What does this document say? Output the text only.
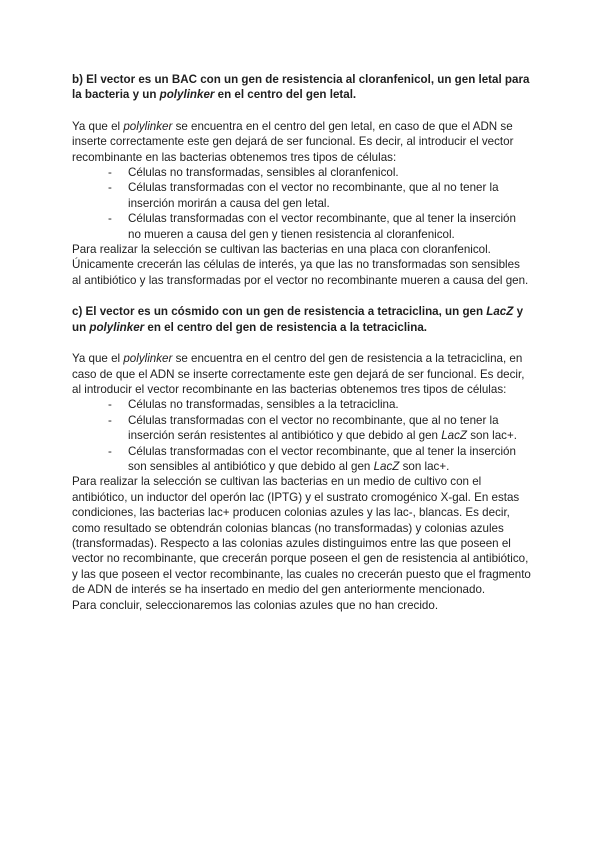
b) El vector es un BAC con un gen de resistencia al cloranfenicol, un gen letal para la bacteria y un polylinker en el centro del gen letal.

Ya que el polylinker se encuentra en el centro del gen letal, en caso de que el ADN se inserte correctamente este gen dejará de ser funcional. Es decir, al introducir el vector recombinante en las bacterias obtenemos tres tipos de células:

- Células no transformadas, sensibles al cloranfenicol.
- Células transformadas con el vector no recombinante, que al no tener la inserción morirán a causa del gen letal.
- Células transformadas con el vector recombinante, que al tener la inserción no mueren a causa del gen y tienen resistencia al cloranfenicol.

Para realizar la selección se cultivan las bacterias en una placa con cloranfenicol. Únicamente crecerán las células de interés, ya que las no transformadas son sensibles al antibiótico y las transformadas por el vector no recombinante mueren a causa del gen.

c) El vector es un cósmido con un gen de resistencia a tetraciclina, un gen LacZ y un polylinker en el centro del gen de resistencia a la tetraciclina.

Ya que el polylinker se encuentra en el centro del gen de resistencia a la tetraciclina, en caso de que el ADN se inserte correctamente este gen dejará de ser funcional. Es decir, al introducir el vector recombinante en las bacterias obtenemos tres tipos de células:

- Células no transformadas, sensibles a la tetraciclina.
- Células transformadas con el vector no recombinante, que al no tener la inserción serán resistentes al antibiótico y que debido al gen LacZ son lac+.
- Células transformadas con el vector recombinante, que al tener la inserción son sensibles al antibiótico y que debido al gen LacZ son lac+.

Para realizar la selección se cultivan las bacterias en un medio de cultivo con el antibiótico, un inductor del operón lac (IPTG) y el sustrato cromogénico X-gal. En estas condiciones, las bacterias lac+ producen colonias azules y las lac-, blancas. Es decir, como resultado se obtendrán colonias blancas (no transformadas) y colonias azules (transformadas). Respecto a las colonias azules distinguimos entre las que poseen el vector no recombinante, que crecerán porque poseen el gen de resistencia al antibiótico, y las que poseen el vector recombinante, las cuales no crecerán puesto que el fragmento de ADN de interés se ha insertado en medio del gen anteriormente mencionado.

Para concluir, seleccionaremos las colonias azules que no han crecido.
